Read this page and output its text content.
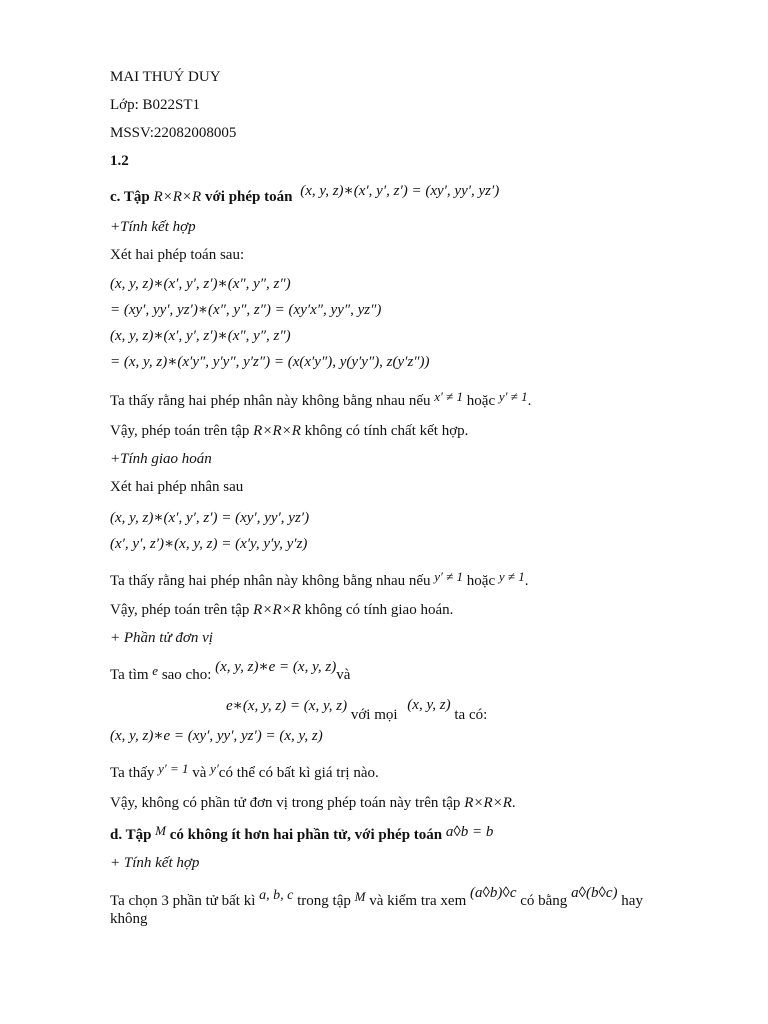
MAI THUÝ DUY
Lớp: B022ST1
MSSV:22082008005
1.2
c. Tập R×R×R với phép toán (x, y, z)∗(x′, y′, z′) = (xy′, yy′, yz′)
+Tính kết hợp
Xét hai phép toán sau:
(x, y, z)∗(x′, y′, z′)∗(x″, y″, z″)
= (xy′, yy′, yz′)∗(x″, y″, z″) = (xy′x″, yy″, yz″)
(x, y, z)∗(x′, y′, z′)∗(x″, y″, z″)
= (x, y, z)∗(x′y″, y′y″, y′z″) = (x(x′y″), y(y′y″), z(y′z″))
Ta thấy rằng hai phép nhân này không bằng nhau nếu x′ ≠ 1 hoặc y′ ≠ 1.
Vậy, phép toán trên tập R×R×R không có tính chất kết hợp.
+Tính giao hoán
Xét hai phép nhân sau
(x, y, z)∗(x′, y′, z′) = (xy′, yy′, yz′)
(x′, y′, z′)∗(x, y, z) = (x′y, y′y, y′z)
Ta thấy rằng hai phép nhân này không bằng nhau nếu y′ ≠ 1 hoặc y ≠ 1.
Vậy, phép toán trên tập R×R×R không có tính giao hoán.
+ Phần tử đơn vị
Ta tìm e sao cho: (x, y, z)∗e = (x, y, z)và
e∗(x, y, z) = (x, y, z) với mọi (x, y, z) ta có:
(x, y, z)∗e = (xy′, yy′, yz′) = (x, y, z)
Ta thấy y′ = 1 và y′có thể có bất kì giá trị nào.
Vậy, không có phần tử đơn vị trong phép toán này trên tập R×R×R.
d. Tập M có không ít hơn hai phần tử, với phép toán a◊b = b
+ Tính kết hợp
Ta chọn 3 phần tử bất kì a, b, c trong tập M và kiểm tra xem (a◊b)◊c có bằng a◊(b◊c) hay
không
